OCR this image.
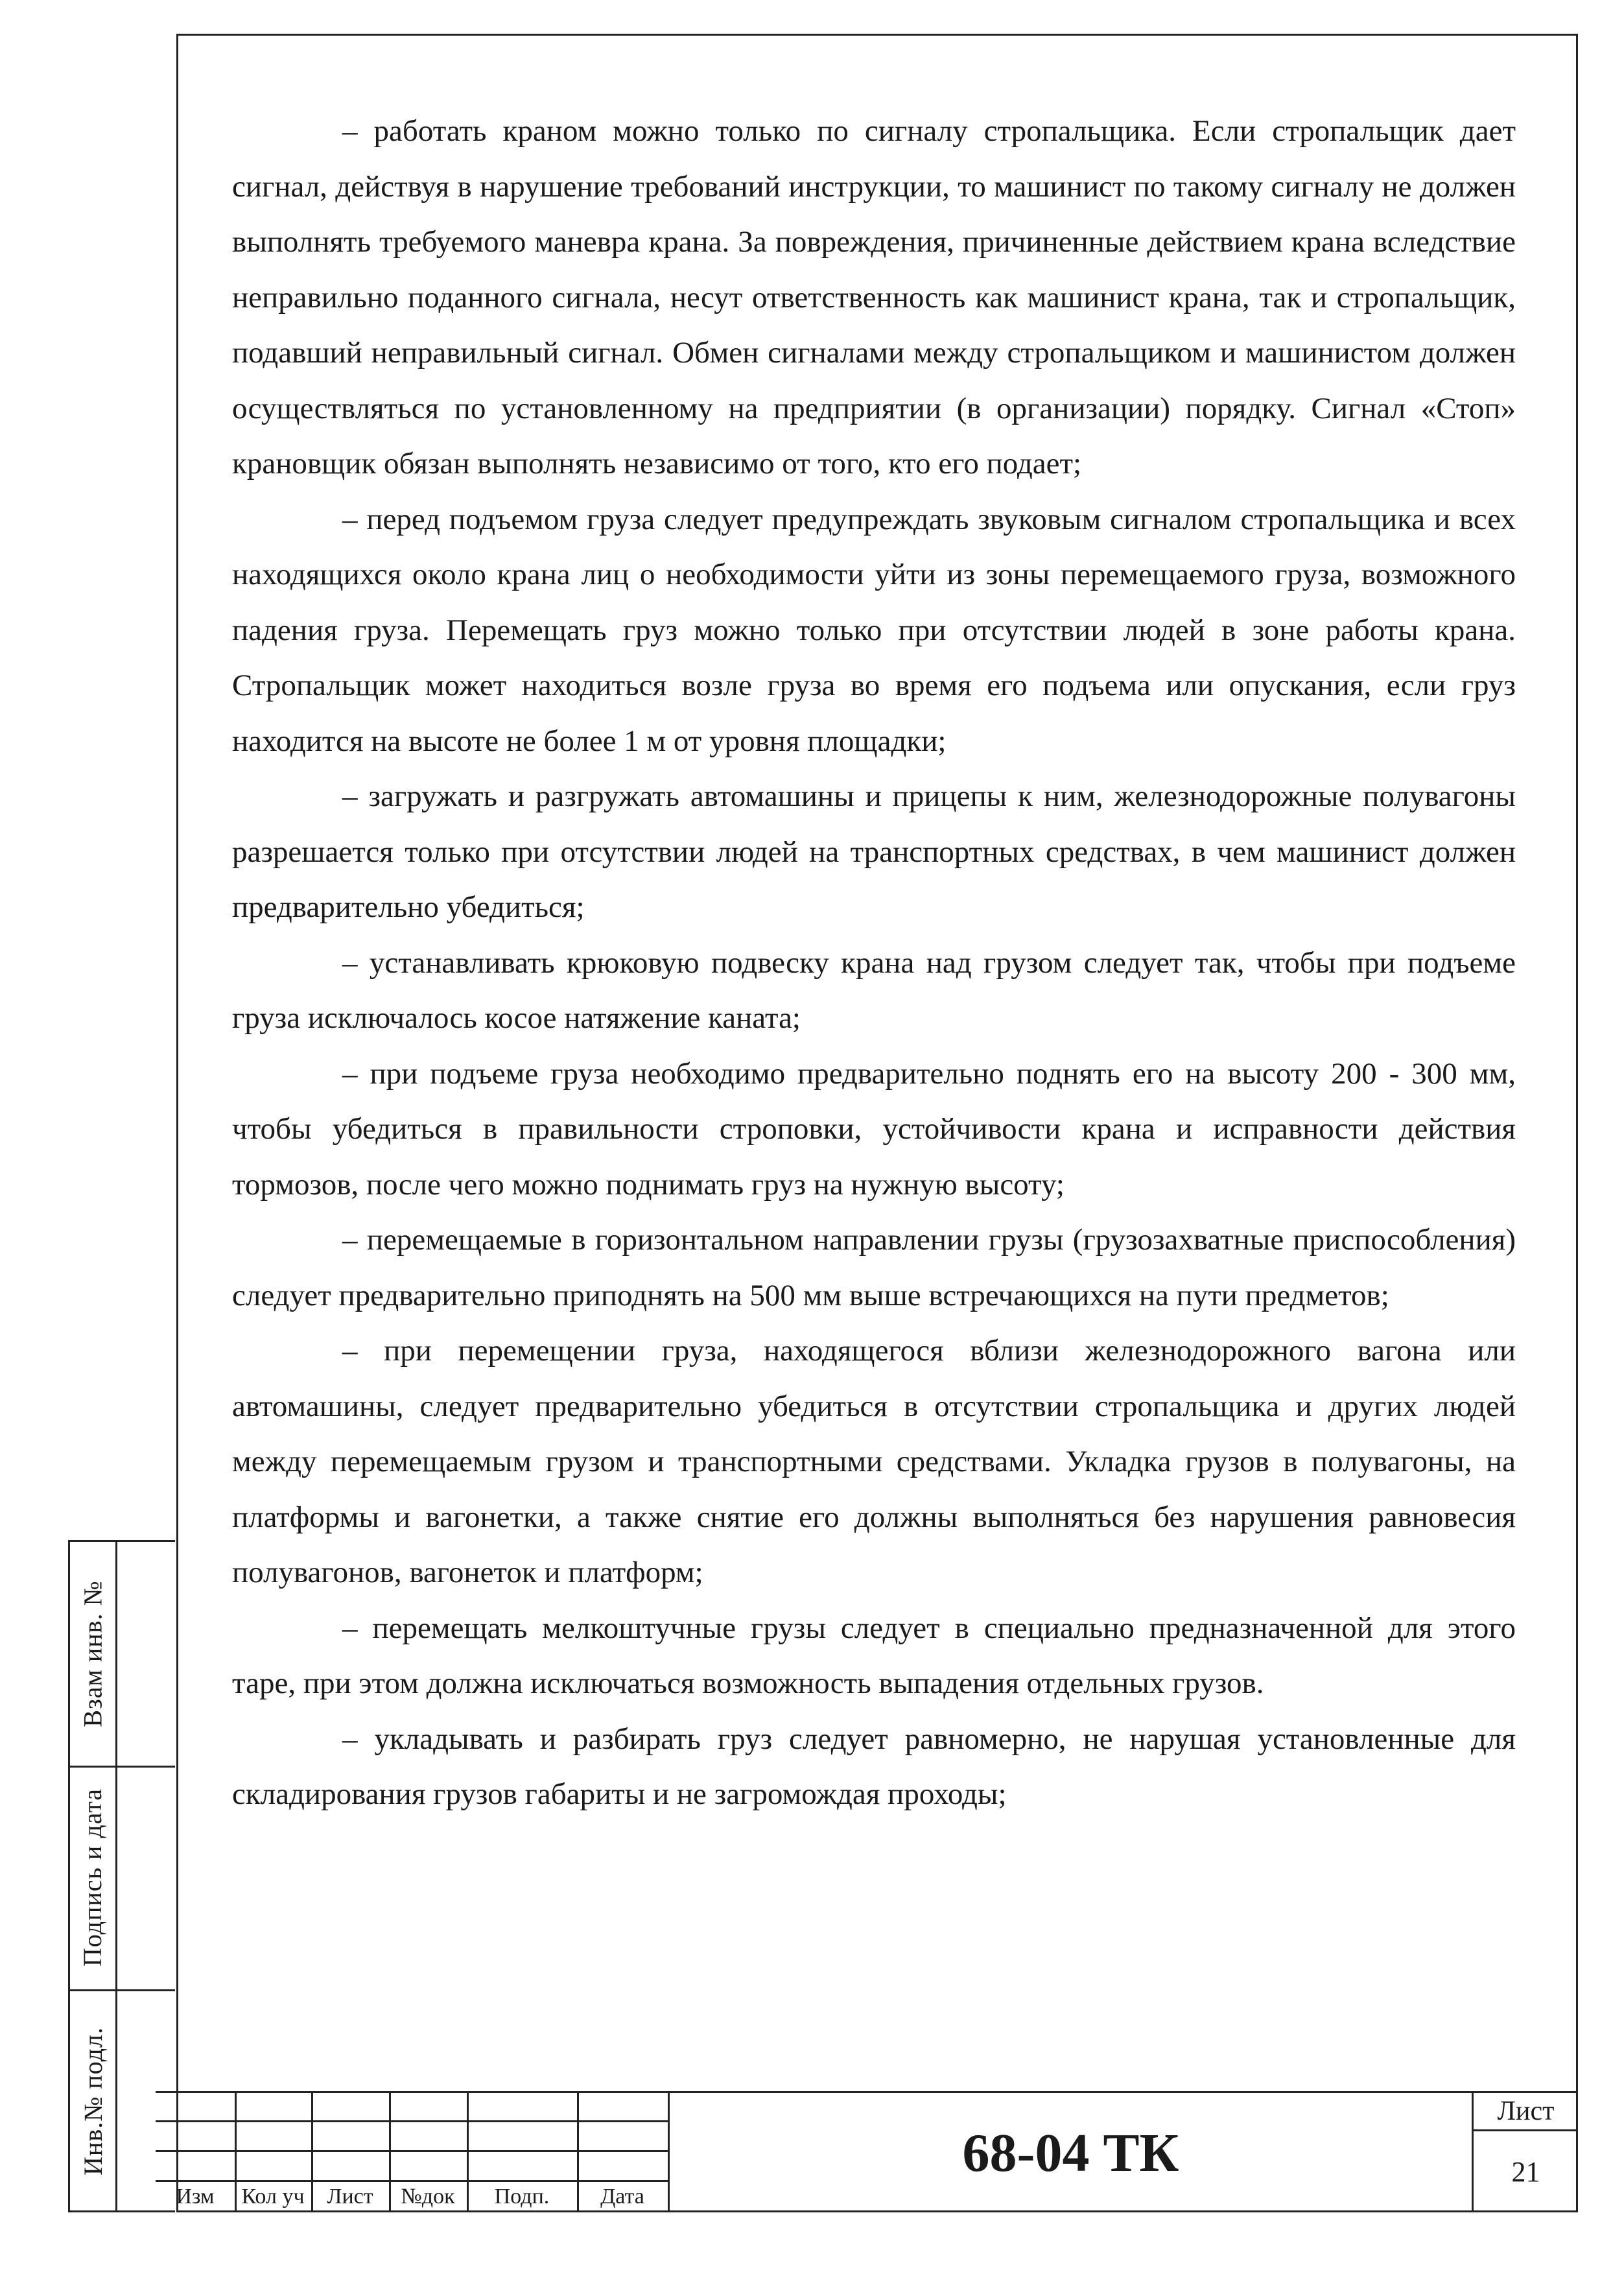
Взам инв. №
Подпись и дата
Инв.№ подл.

– работать краном можно только по сигналу стропальщика. Если стропальщик дает сигнал, действуя в нарушение требований инструкции, то машинист по такому сигналу не должен выполнять требуемого маневра крана. За повреждения, причиненные действием крана вследствие неправильно поданного сигнала, несут ответственность как машинист крана, так и стропальщик, подавший неправильный сигнал. Обмен сигналами между стропальщиком и машинистом должен осуществляться по установленному на предприятии (в организации) порядку. Сигнал «Стоп» крановщик обязан выполнять независимо от того, кто его подает;

– перед подъемом груза следует предупреждать звуковым сигналом стропальщика и всех находящихся около крана лиц о необходимости уйти из зоны перемещаемого груза, возможного падения груза. Перемещать груз можно только при отсутствии людей в зоне работы крана. Стропальщик может находиться возле груза во время его подъема или опускания, если груз находится на высоте не более 1 м от уровня площадки;

– загружать и разгружать автомашины и прицепы к ним, железнодорожные полувагоны разрешается только при отсутствии людей на транспортных средствах, в чем машинист должен предварительно убедиться;

– устанавливать крюковую подвеску крана над грузом следует так, чтобы при подъеме груза исключалось косое натяжение каната;

– при подъеме груза необходимо предварительно поднять его на высоту 200 - 300 мм, чтобы убедиться в правильности строповки, устойчивости крана и исправности действия тормозов, после чего можно поднимать груз на нужную высоту;

– перемещаемые в горизонтальном направлении грузы (грузозахватные приспособления) следует предварительно приподнять на 500 мм выше встречающихся на пути предметов;

– при перемещении груза, находящегося вблизи железнодорожного вагона или автомашины, следует предварительно убедиться в отсутствии стропальщика и других людей между перемещаемым грузом и транспортными средствами. Укладка грузов в полувагоны, на платформы и вагонетки, а также снятие его должны выполняться без нарушения равновесия полувагонов, вагонеток и платформ;

– перемещать мелкоштучные грузы следует в специально предназначенной для этого таре, при этом должна исключаться возможность выпадения отдельных грузов.

– укладывать и разбирать груз следует равномерно, не нарушая установленные для складирования грузов габариты и не загромождая проходы;

Изм	Кол уч	Лист	№док	Подп.	Дата
68-04 ТК
Лист
21
